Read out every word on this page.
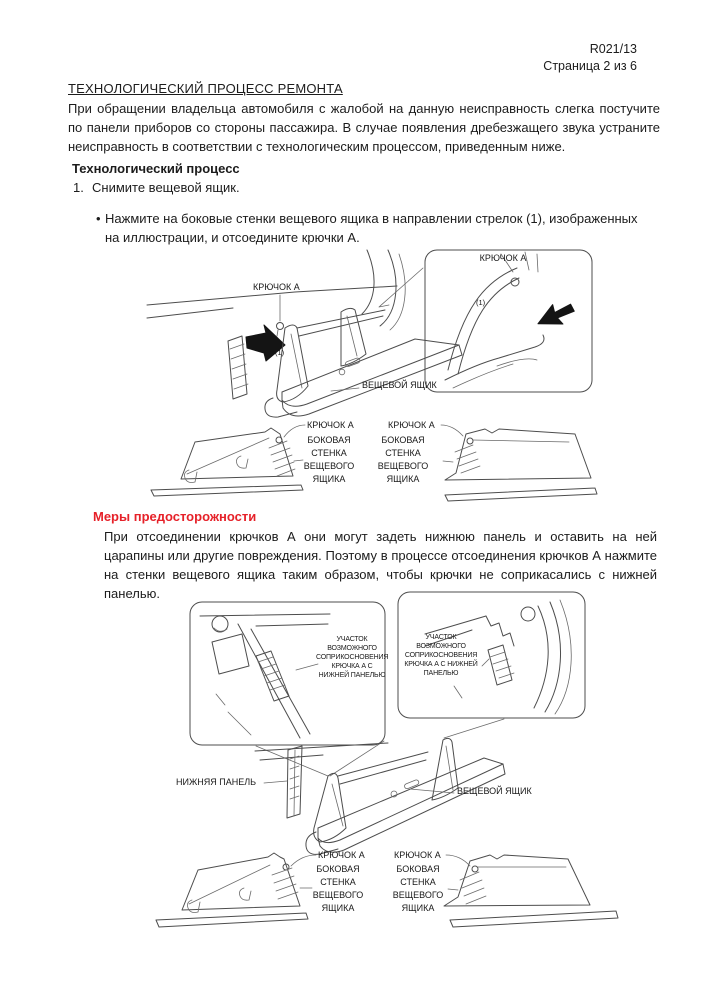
R021/13
Страница 2 из 6
ТЕХНОЛОГИЧЕСКИЙ ПРОЦЕСС РЕМОНТА
При обращении владельца автомобиля с жалобой на данную неисправность слегка постучите по панели приборов со стороны пассажира. В случае появления дребезжащего звука устраните неисправность в соответствии с технологическим процессом, приведенным ниже.
Технологический процесс
1. Снимите вещевой ящик.
• Нажмите на боковые стенки вещевого ящика в направлении стрелок (1), изображенных на иллюстрации, и отсоедините крючки А.
КРЮЧОК А
КРЮЧОК А
(1)
(1)
ВЕЩЕВОЙ ЯЩИК
КРЮЧОК А
БОКОВАЯ СТЕНКА ВЕЩЕВОГО ЯЩИКА
КРЮЧОК А
БОКОВАЯ СТЕНКА ВЕЩЕВОГО ЯЩИКА
Меры предосторожности
При отсоединении крючков А они могут задеть нижнюю панель и оставить на ней царапины или другие повреждения. Поэтому в процессе отсоединения крючков А нажмите на стенки вещевого ящика таким образом, чтобы крючки не соприкасались с нижней панелью.
УЧАСТОК ВОЗМОЖНОГО СОПРИКОСНОВЕНИЯ КРЮЧКА А С НИЖНЕЙ ПАНЕЛЬЮ
УЧАСТОК ВОЗМОЖНОГО СОПРИКОСНОВЕНИЯ КРЮЧКА А С НИЖНЕЙ ПАНЕЛЬЮ
НИЖНЯЯ ПАНЕЛЬ
ВЕЩЕВОЙ ЯЩИК
КРЮЧОК А
БОКОВАЯ СТЕНКА ВЕЩЕВОГО ЯЩИКА
КРЮЧОК А
БОКОВАЯ СТЕНКА ВЕЩЕВОГО ЯЩИКА
